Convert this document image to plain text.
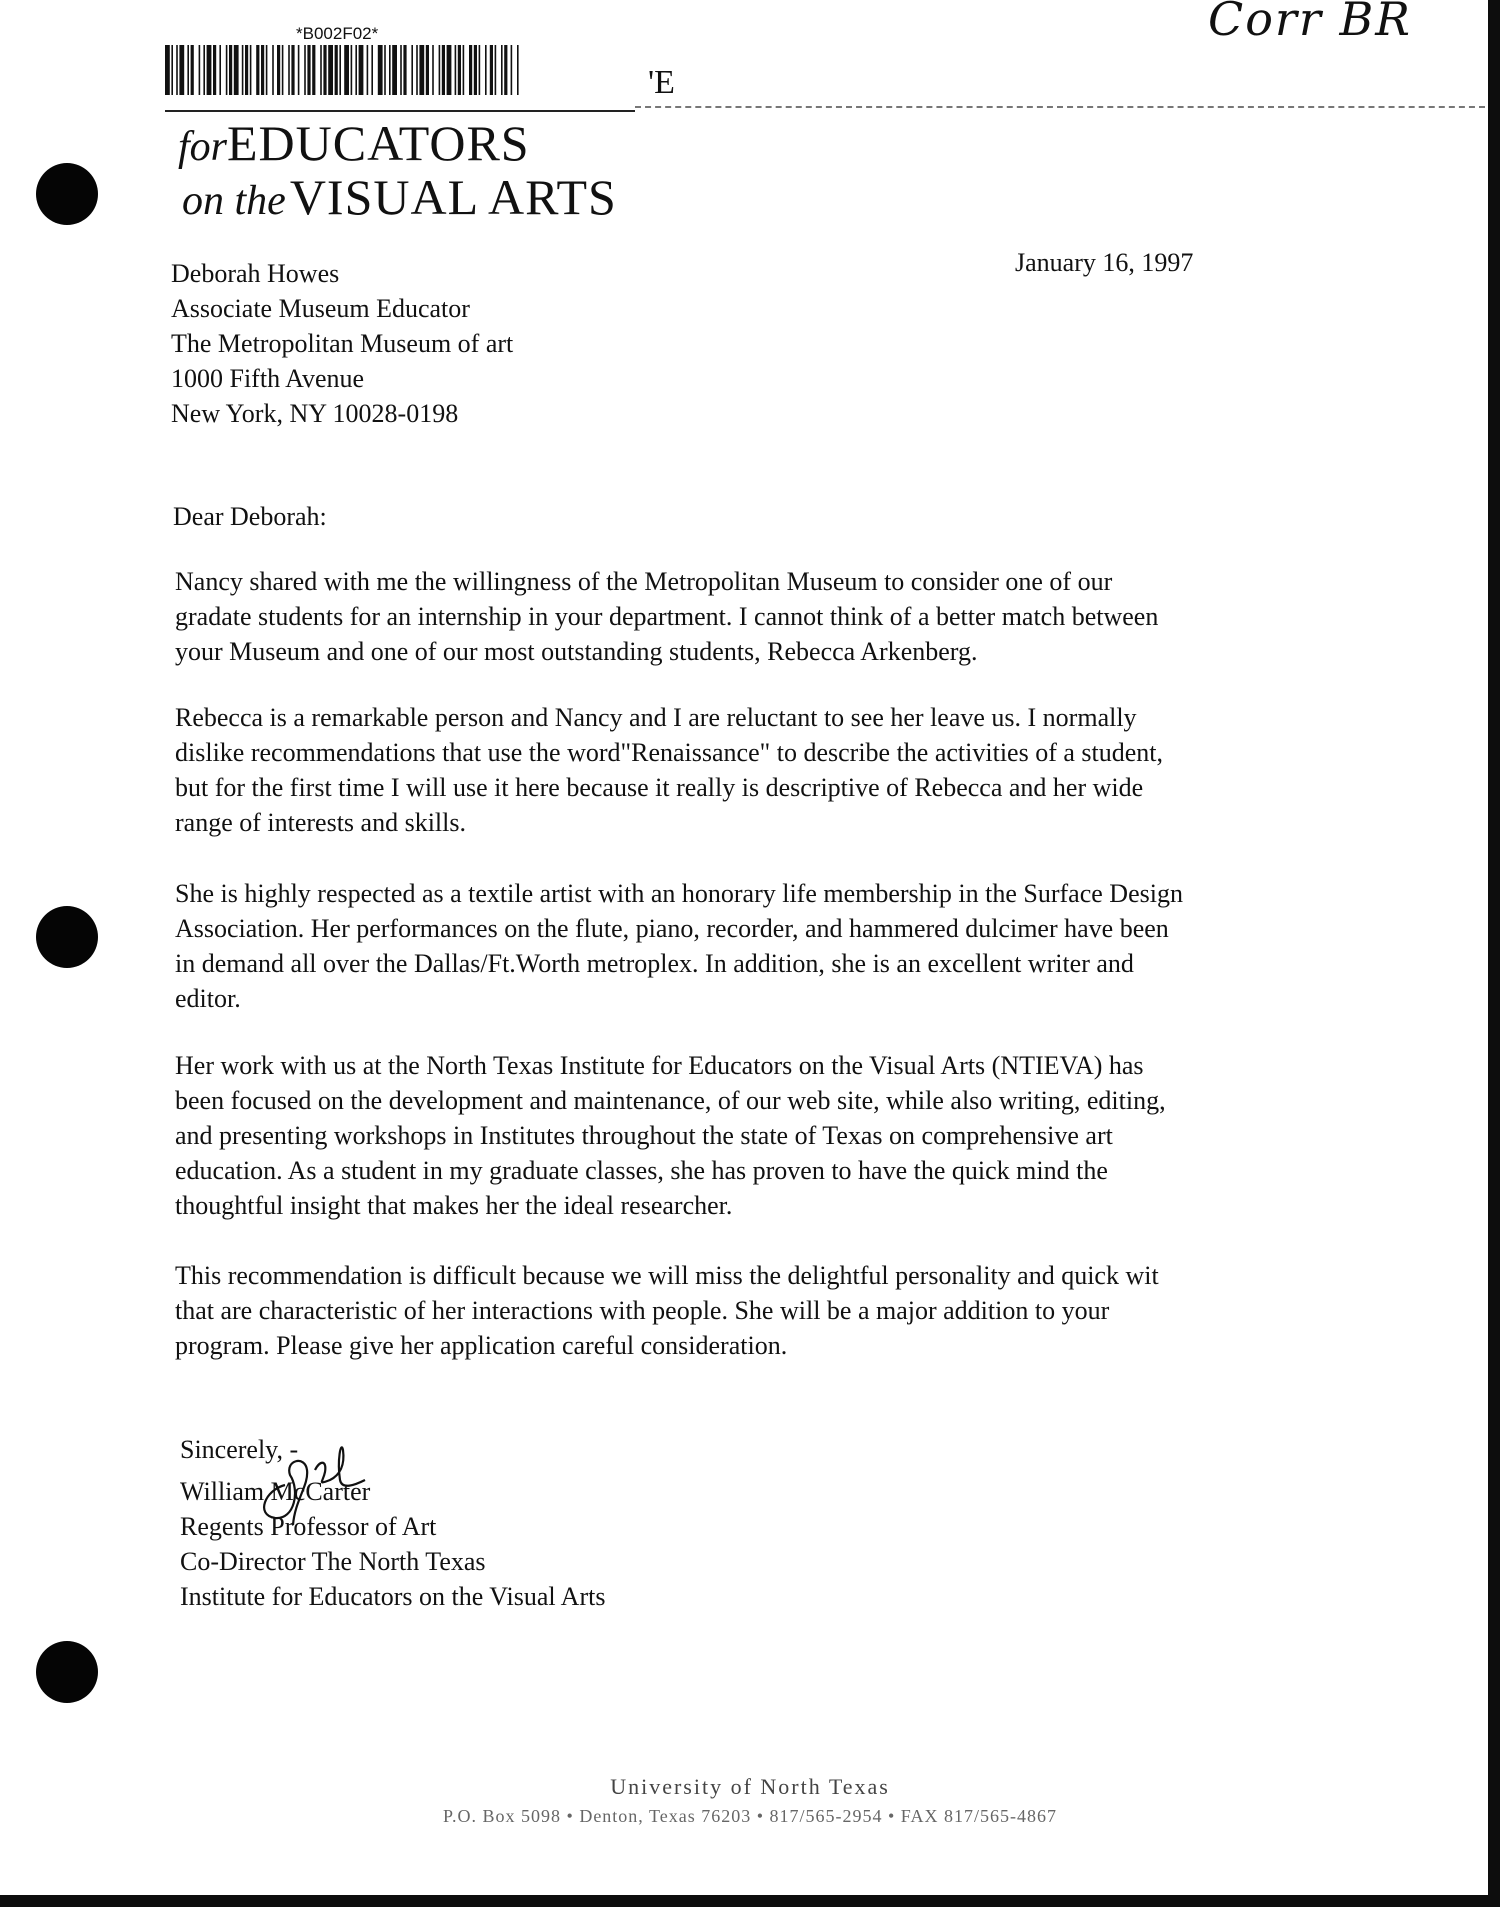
*B002F02*
'E
Corr BR
forEDUCATORS
on the VISUAL ARTS
Deborah Howes
Associate Museum Educator
The Metropolitan Museum of art
1000 Fifth Avenue
New York, NY 10028-0198
January 16, 1997
Dear Deborah:
Nancy shared with me the willingness of the Metropolitan Museum to consider one of our
gradate students for an internship in your department. I cannot think of a better match between
your Museum and one of our most outstanding students, Rebecca Arkenberg.
Rebecca is a remarkable person and Nancy and I are reluctant to see her leave us. I normally
dislike recommendations that use the word"Renaissance" to describe the activities of a student,
but for the first time I will use it here because it really is descriptive of Rebecca and her wide
range of interests and skills.
She is highly respected as a textile artist with an honorary life membership in the Surface Design
Association. Her performances on the flute, piano, recorder, and hammered dulcimer have been
in demand all over the Dallas/Ft.Worth metroplex. In addition, she is an excellent writer and
editor.
Her work with us at the North Texas Institute for Educators on the Visual Arts (NTIEVA) has
been focused on the development and maintenance, of our web site, while also writing, editing,
and presenting workshops in Institutes throughout the state of Texas on comprehensive art
education. As a student in my graduate classes, she has proven to have the quick mind the
thoughtful insight that makes her the ideal researcher.
This recommendation is difficult because we will miss the delightful personality and quick wit
that are characteristic of her interactions with people. She will be a major addition to your
program. Please give her application careful consideration.
Sincerely, -
William McCarter
Regents Professor of Art
Co-Director The North Texas
Institute for Educators on the Visual Arts
University of North Texas
P.O. Box 5098 • Denton, Texas 76203 • 817/565-2954 • FAX 817/565-4867
